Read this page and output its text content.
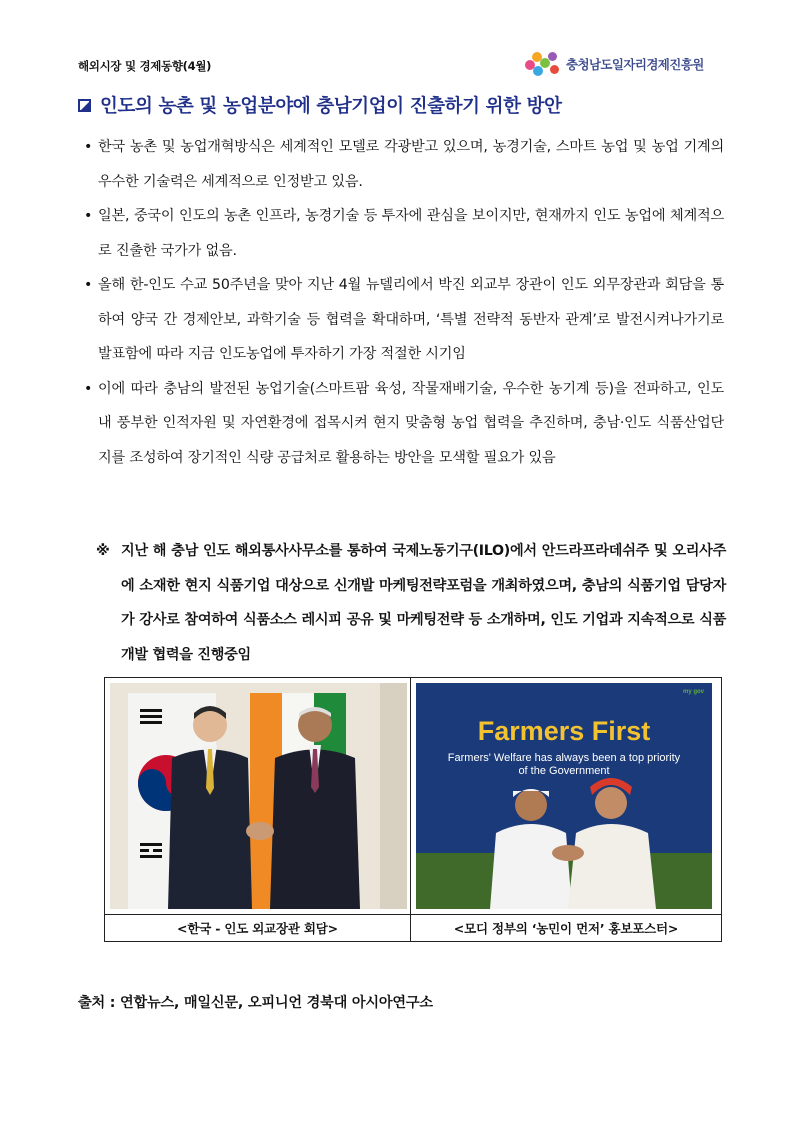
해외시장 및 경제동향(4월)	충청남도일자리경제진흥원
인도의 농촌 및 농업분야에 충남기업이 진출하기 위한 방안
• 한국 농촌 및 농업개혁방식은 세계적인 모델로 각광받고 있으며, 농경기술, 스마트 농업 및 농업 기계의 우수한 기술력은 세계적으로 인정받고 있음.
• 일본, 중국이 인도의 농촌 인프라, 농경기술 등 투자에 관심을 보이지만, 현재까지 인도 농업에 체계적으로 진출한 국가가 없음.
• 올해 한-인도 수교 50주년을 맞아 지난 4월 뉴델리에서 박진 외교부 장관이 인도 외무장관과 회담을 통하여 양국 간 경제안보, 과학기술 등 협력을 확대하며, ‘특별 전략적 동반자 관계’로 발전시켜나가기로 발표함에 따라 지금 인도농업에 투자하기 가장 적절한 시기임
• 이에 따라 충남의 발전된 농업기술(스마트팜 육성, 작물재배기술, 우수한 농기계 등)을 전파하고, 인도 내 풍부한 인적자원 및 자연환경에 접목시켜 현지 맞춤형 농업 협력을 추진하며, 충남·인도 식품산업단지를 조성하여 장기적인 식량 공급처로 활용하는 방안을 모색할 필요가 있음
※ 지난 해 충남 인도 해외통사사무소를 통하여 국제노동기구(ILO)에서 안드라프라데쉬주 및 오리사주에 소재한 현지 식품기업 대상으로 신개발 마케팅전략포럼을 개최하였으며, 충남의 식품기업 담당자가 강사로 참여하여 식품소스 레시피 공유 및 마케팅전략 등 소개하며, 인도 기업과 지속적으로 식품개발 협력을 진행중임
my gov
Farmers First
Farmers' Welfare has always been a top priority of the Government
<한국 - 인도 외교장관 회담>	<모디 정부의 ‘농민이 먼저’ 홍보포스터>
출처 : 연합뉴스, 매일신문, 오피니언 경북대 아시아연구소
